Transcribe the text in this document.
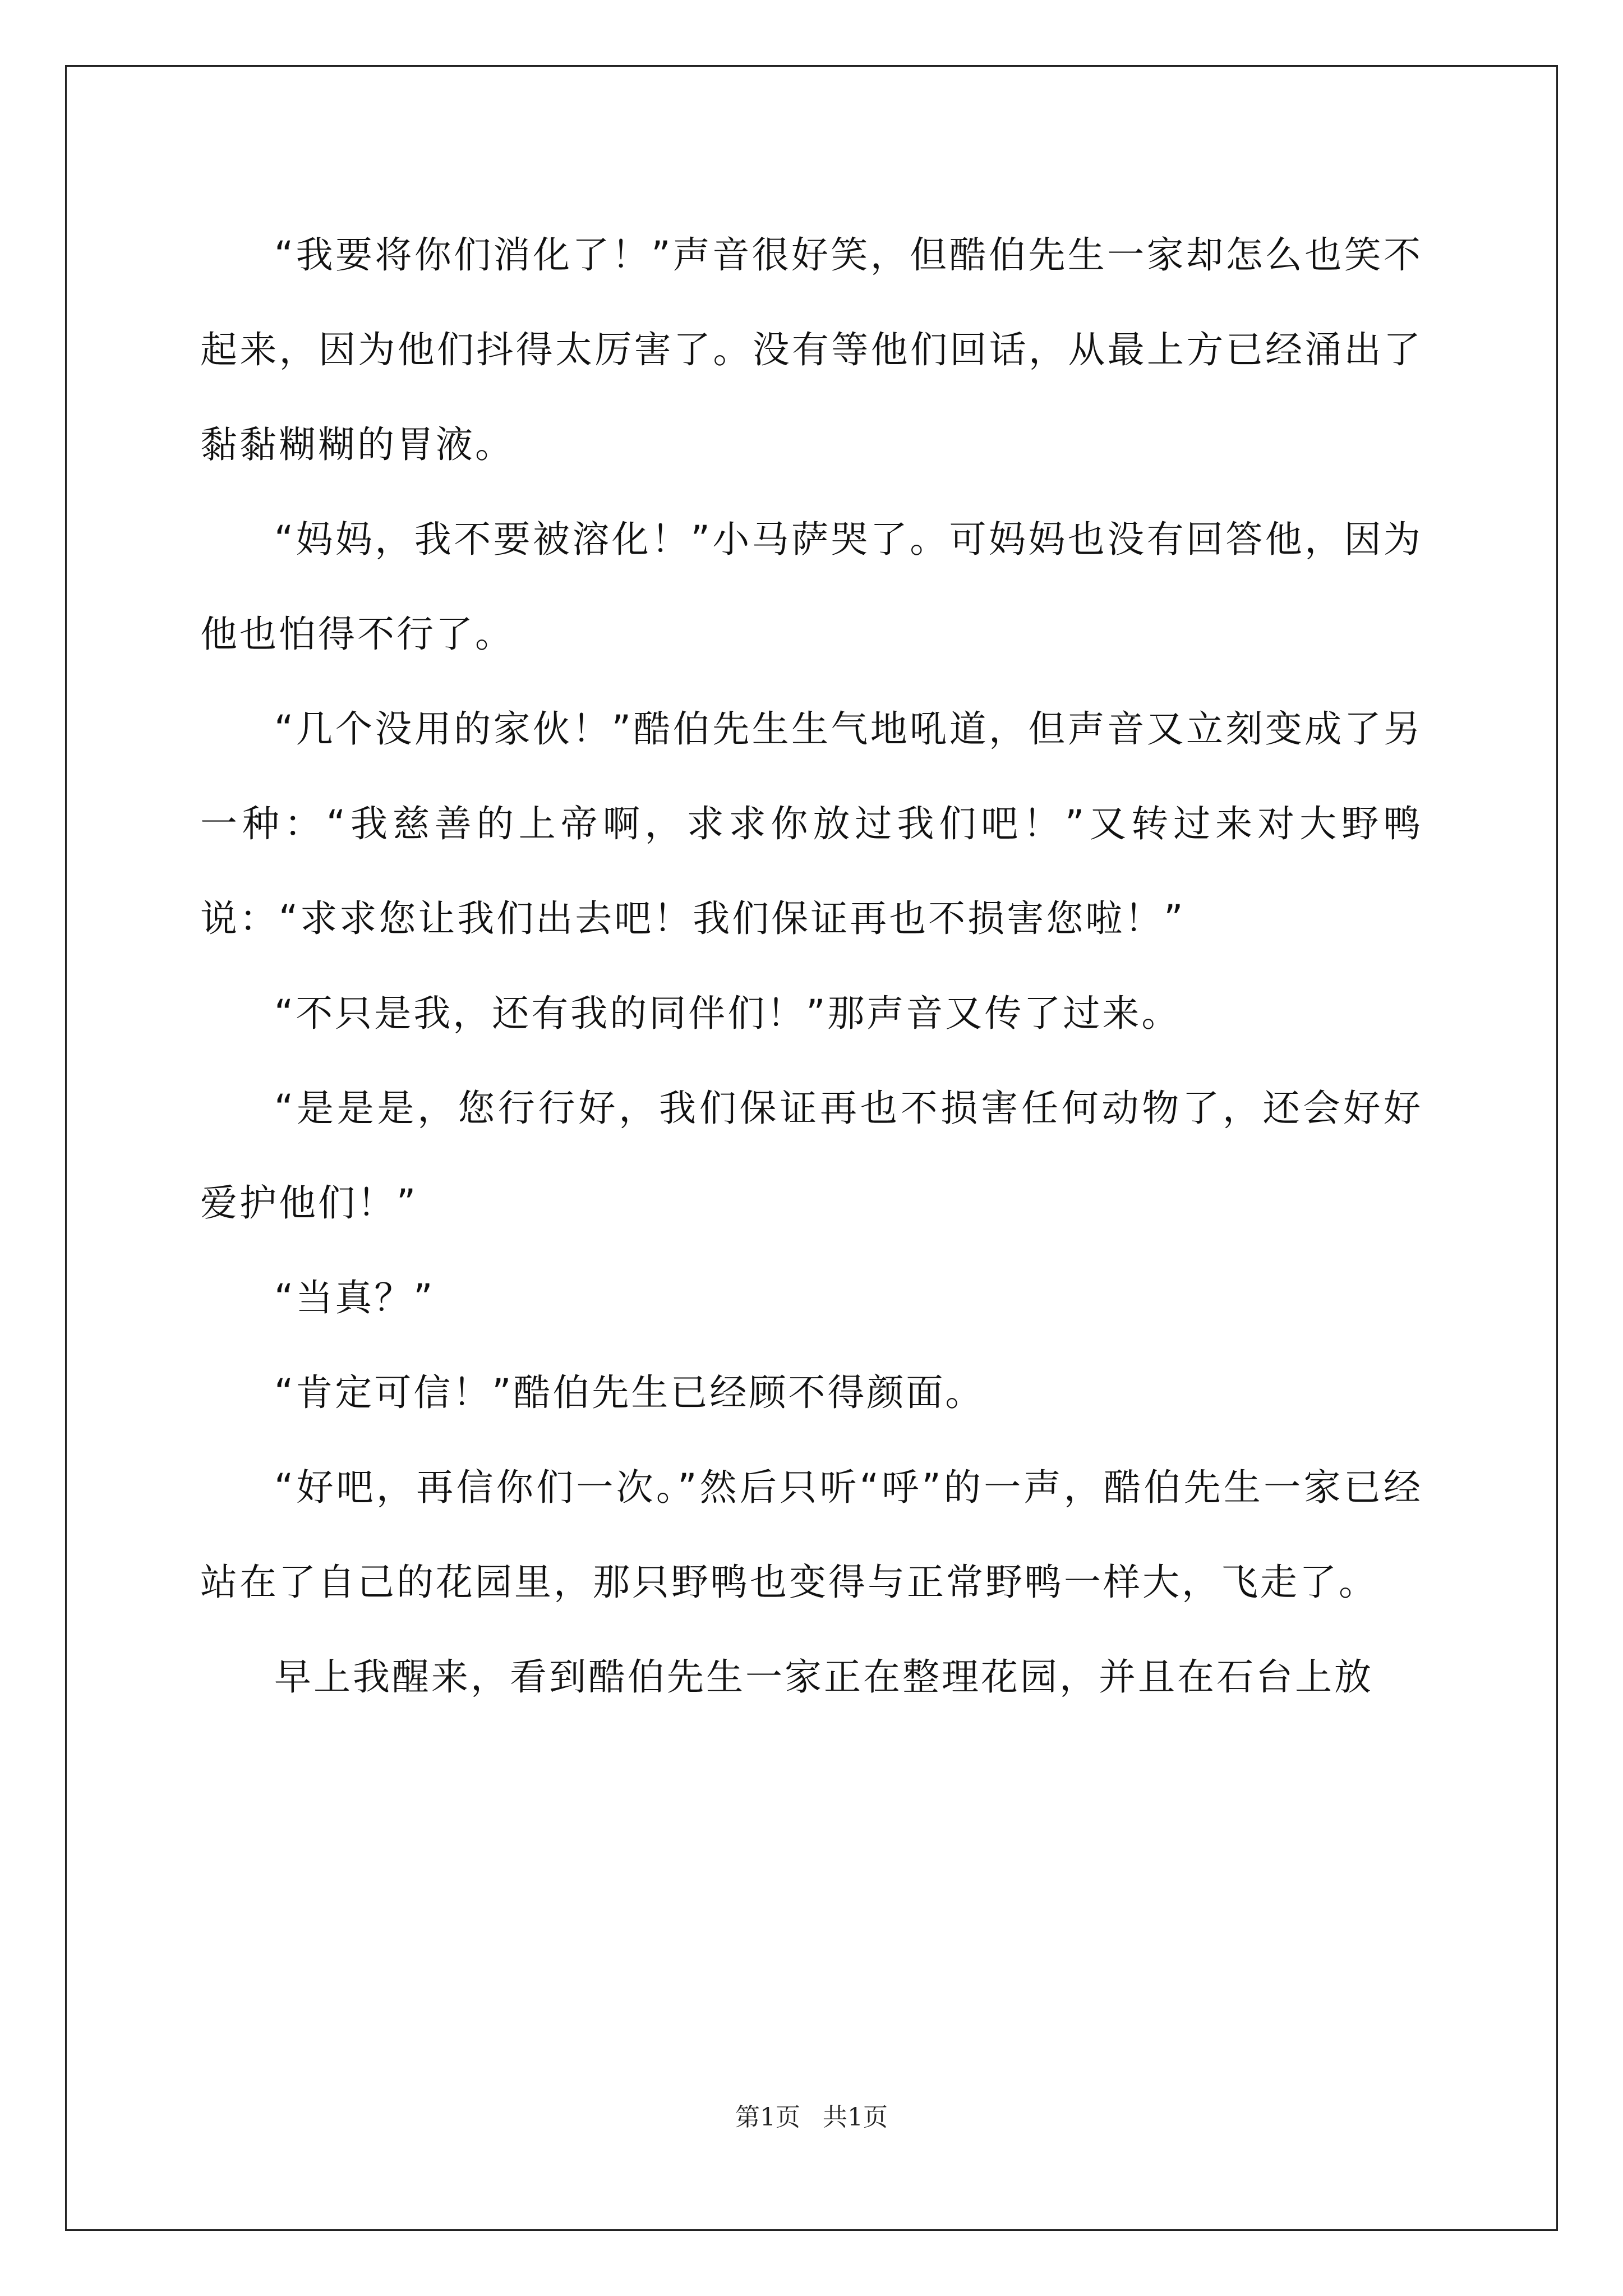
“我要将你们消化了！”声音很好笑，但酷伯先生一家却怎么也笑不起来，因为他们抖得太厉害了。没有等他们回话，从最上方已经涌出了黏黏糊糊的胃液。

“妈妈，我不要被溶化！”小马萨哭了。可妈妈也没有回答他，因为他也怕得不行了。

“几个没用的家伙！”酷伯先生生气地吼道，但声音又立刻变成了另一种：“我慈善的上帝啊，求求你放过我们吧！”又转过来对大野鸭说：“求求您让我们出去吧！我们保证再也不损害您啦！”

“不只是我，还有我的同伴们！”那声音又传了过来。

“是是是，您行行好，我们保证再也不损害任何动物了，还会好好爱护他们！”

“当真？”

“肯定可信！”酷伯先生已经顾不得颜面。

“好吧，再信你们一次。”然后只听“呼”的一声，酷伯先生一家已经站在了自己的花园里，那只野鸭也变得与正常野鸭一样大，飞走了。

早上我醒来，看到酷伯先生一家正在整理花园，并且在石台上放

第1页 共1页
